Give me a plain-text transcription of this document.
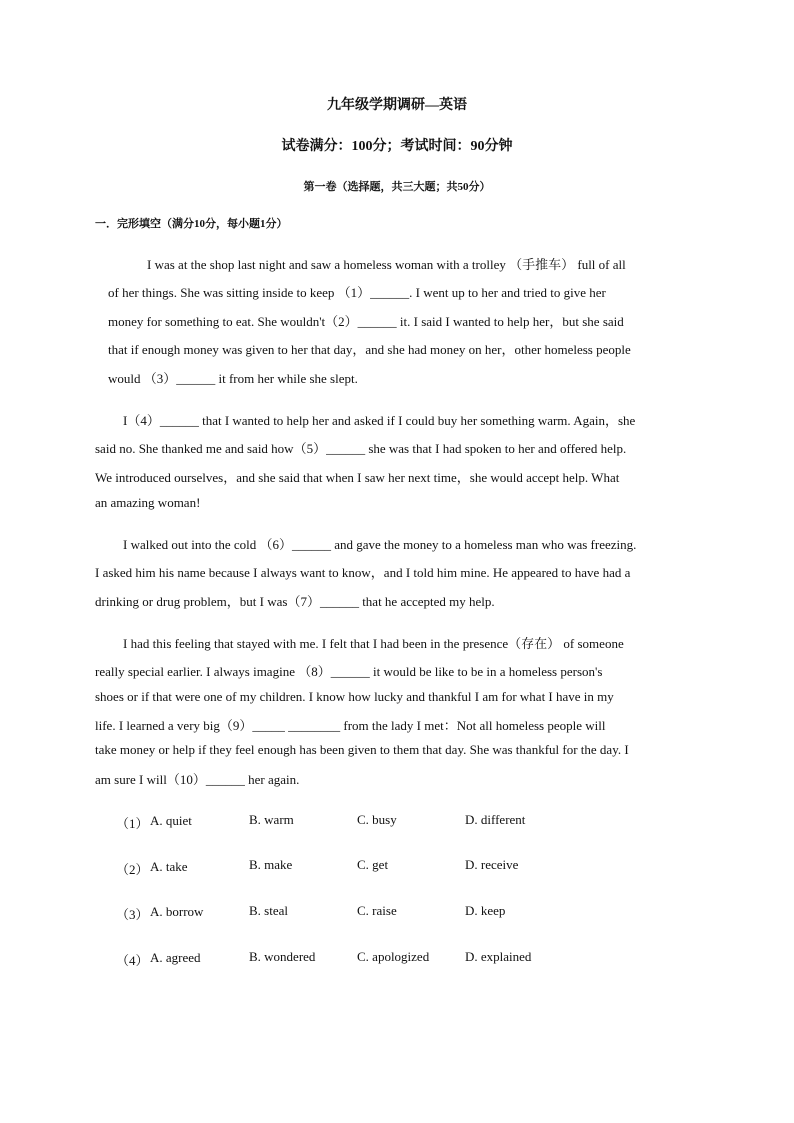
九年级学期调研—英语
试卷满分：100分；考试时间：90分钟
第一卷（选择题，共三大题；共50分）
一．完形填空（满分10分，每小题1分）
I was at the shop last night and saw a homeless woman with a trolley （手推车） full of all
of her things. She was sitting inside to keep （1）______. I went up to her and tried to give her
money for something to eat. She wouldn't（2）______ it. I said I wanted to help her，but she said
that if enough money was given to her that day，and she had money on her，other homeless people
would （3）______ it from her while she slept.
I（4）______ that I wanted to help her and asked if I could buy her something warm. Again，she
said no. She thanked me and said how（5）______ she was that I had spoken to her and offered help.
We introduced ourselves，and she said that when I saw her next time，she would accept help. What
an amazing woman!
I walked out into the cold （6）______ and gave the money to a homeless man who was freezing.
I asked him his name because I always want to know，and I told him mine. He appeared to have had a
drinking or drug problem，but I was（7）______ that he accepted my help.
I had this feeling that stayed with me. I felt that I had been in the presence（存在） of someone
really special earlier. I always imagine （8）______ it would be like to be in a homeless person's
shoes or if that were one of my children. I know how lucky and thankful I am for what I have in my
life. I learned a very big（9）_____ ________ from the lady I met：Not all homeless people will
take money or help if they feel enough has been given to them that day. She was thankful for the day. I
am sure I will（10）______ her again.
（1） A. quiet	B. warm	C. busy	D. different
（2） A. take	B. make	C. get	D. receive
（3） A. borrow	B. steal	C. raise	D. keep
（4） A. agreed	B. wondered	C. apologized	D. explained
